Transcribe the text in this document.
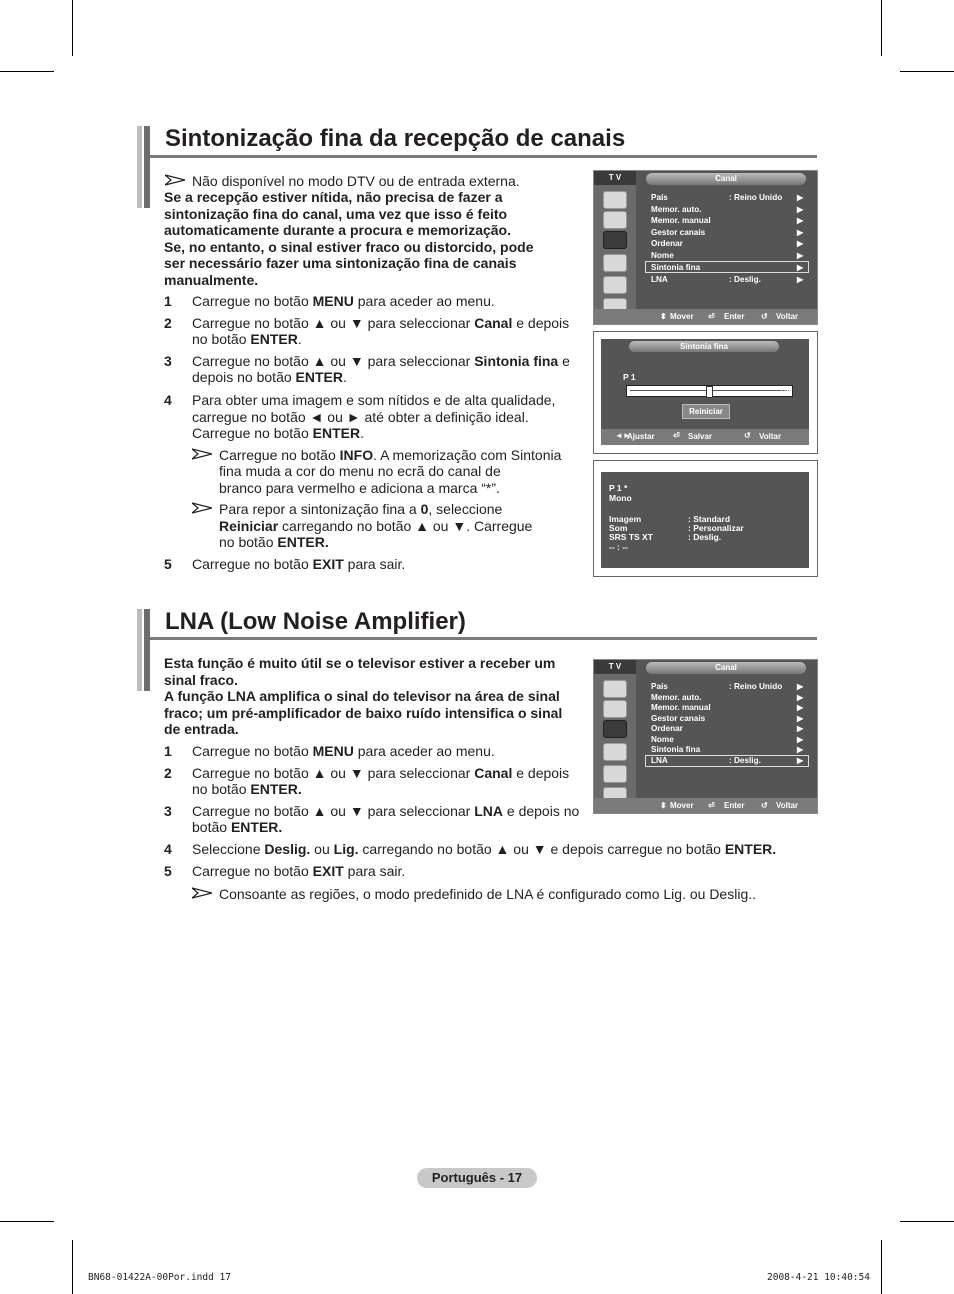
Sintonização fina da recepção de canais
Não disponível no modo DTV ou de entrada externa.
Se a recepção estiver nítida, não precisa de fazer a
sintonização fina do canal, uma vez que isso é feito
automaticamente durante a procura e memorização.
Se, no entanto, o sinal estiver fraco ou distorcido, pode
ser necessário fazer uma sintonização fina de canais
manualmente.
1 Carregue no botão MENU para aceder ao menu.
2 Carregue no botão ▲ ou ▼ para seleccionar Canal e depois
no botão ENTER.
3 Carregue no botão ▲ ou ▼ para seleccionar Sintonia fina e
depois no botão ENTER.
4 Para obter uma imagem e som nítidos e de alta qualidade,
carregue no botão ◄ ou ► até obter a definição ideal.
Carregue no botão ENTER.
Carregue no botão INFO. A memorização com Sintonia
fina muda a cor do menu no ecrã do canal de
branco para vermelho e adiciona a marca “*”.
Para repor a sintonização fina a 0, seleccione
Reiniciar carregando no botão ▲ ou ▼. Carregue
no botão ENTER.
5 Carregue no botão EXIT para sair.
T V	Canal
País	: Reino Unido ▶
Memor. auto.	▶
Memor. manual	▶
Gestor canais	▶
Ordenar	▶
Nome	▶
Sintonia fina	▶
LNA	: Deslig.	▶
⬍ Mover ⏎ Enter ↺ Voltar
Sintonia fina
P 1
+3
Reiniciar
◄►
Ajustar ⏎ Salvar	↺ Voltar
P 1 *
Mono
Imagem	: Standard
Som	: Personalizar
SRS TS XT	: Deslig.
-- : --
LNA (Low Noise Amplifier)
Esta função é muito útil se o televisor estiver a receber um
sinal fraco.
A função LNA amplifica o sinal do televisor na área de sinal
fraco; um pré-amplificador de baixo ruído intensifica o sinal
de entrada.
1 Carregue no botão MENU para aceder ao menu.
2 Carregue no botão ▲ ou ▼ para seleccionar Canal e depois
no botão ENTER.
3 Carregue no botão ▲ ou ▼ para seleccionar LNA e depois no
botão ENTER.
4 Seleccione Deslig. ou Lig. carregando no botão ▲ ou ▼ e depois carregue no botão ENTER.
5 Carregue no botão EXIT para sair.
Consoante as regiões, o modo predefinido de LNA é configurado como Lig. ou Deslig..
T V	Canal
País	: Reino Unido ▶
Memor. auto.	▶
Memor. manual	▶
Gestor canais	▶
Ordenar	▶
Nome	▶
Sintonia fina	▶
LNA	: Deslig.	▶
⬍ Mover ⏎ Enter ↺ Voltar
Português - 17
BN68-01422A-00Por.indd 17	2008-4-21 10:40:54
